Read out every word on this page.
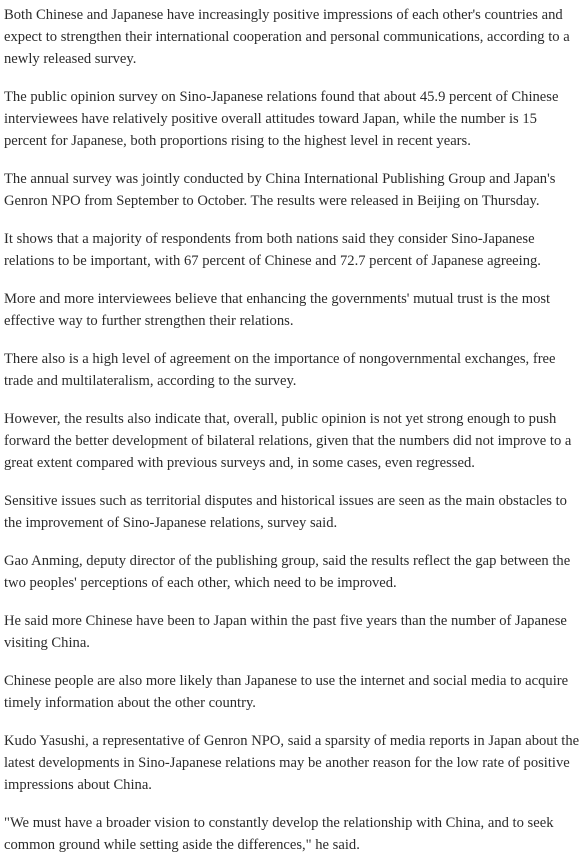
Both Chinese and Japanese have increasingly positive impressions of each other's countries and expect to strengthen their international cooperation and personal communications, according to a newly released survey.

The public opinion survey on Sino-Japanese relations found that about 45.9 percent of Chinese interviewees have relatively positive overall attitudes toward Japan, while the number is 15 percent for Japanese, both proportions rising to the highest level in recent years.

The annual survey was jointly conducted by China International Publishing Group and Japan's Genron NPO from September to October. The results were released in Beijing on Thursday.

It shows that a majority of respondents from both nations said they consider Sino-Japanese relations to be important, with 67 percent of Chinese and 72.7 percent of Japanese agreeing.

More and more interviewees believe that enhancing the governments' mutual trust is the most effective way to further strengthen their relations.

There also is a high level of agreement on the importance of nongovernmental exchanges, free trade and multilateralism, according to the survey.

However, the results also indicate that, overall, public opinion is not yet strong enough to push forward the better development of bilateral relations, given that the numbers did not improve to a great extent compared with previous surveys and, in some cases, even regressed.

Sensitive issues such as territorial disputes and historical issues are seen as the main obstacles to the improvement of Sino-Japanese relations, survey said.

Gao Anming, deputy director of the publishing group, said the results reflect the gap between the two peoples' perceptions of each other, which need to be improved.

He said more Chinese have been to Japan within the past five years than the number of Japanese visiting China.

Chinese people are also more likely than Japanese to use the internet and social media to acquire timely information about the other country.

Kudo Yasushi, a representative of Genron NPO, said a sparsity of media reports in Japan about the latest developments in Sino-Japanese relations may be another reason for the low rate of positive impressions about China.

"We must have a broader vision to constantly develop the relationship with China, and to seek common ground while setting aside the differences," he said.
